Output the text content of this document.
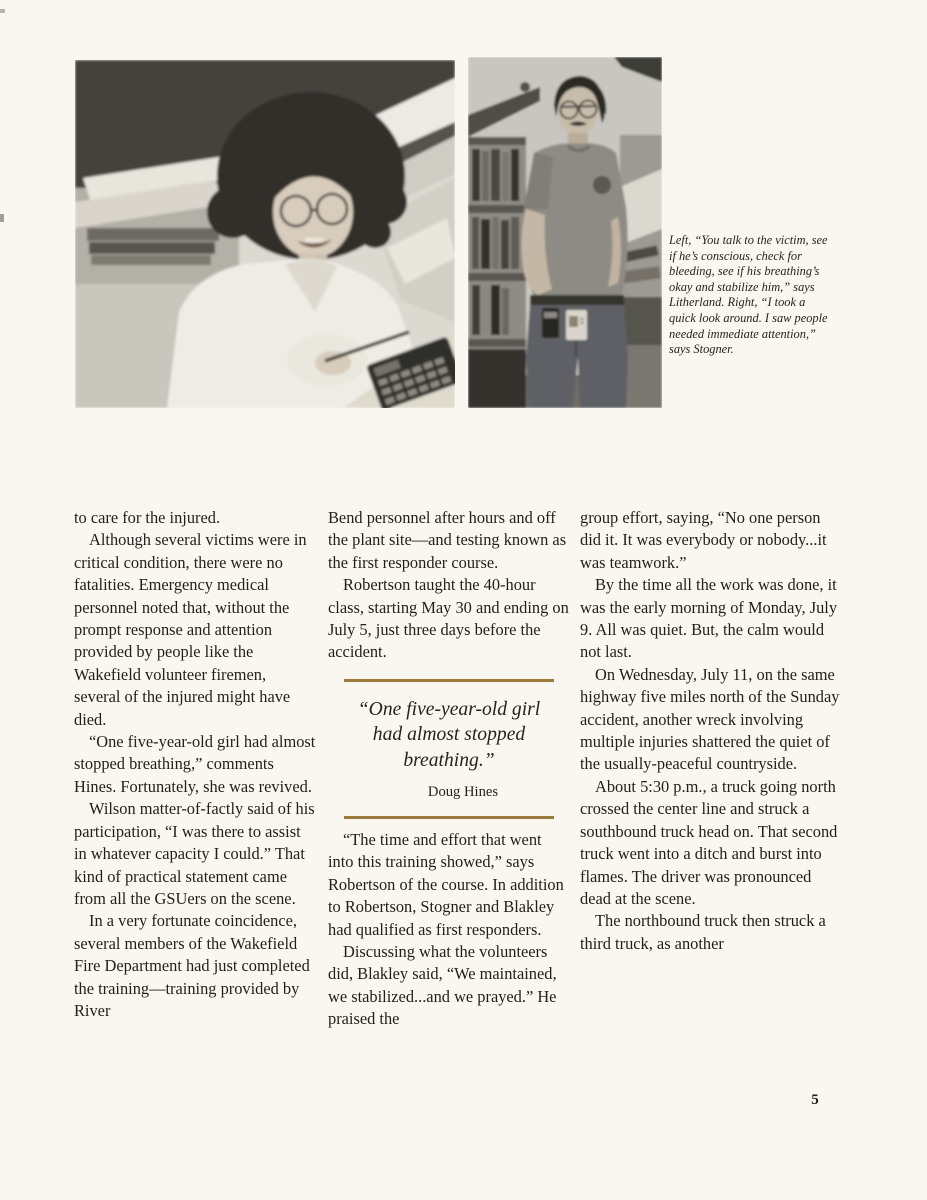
Left, “You talk to the victim, see if he’s conscious, check for bleeding, see if his breathing’s okay and stabilize him,” says Litherland. Right, “I took a quick look around. I saw people needed immediate attention,” says Stogner.

to care for the injured.

Although several victims were in critical condition, there were no fatalities. Emergency medical personnel noted that, without the prompt response and attention provided by people like the Wakefield volunteer firemen, several of the injured might have died.

“One five-year-old girl had almost stopped breathing,” comments Hines. Fortunately, she was revived.

Wilson matter-of-factly said of his participation, “I was there to assist in whatever capacity I could.” That kind of practical statement came from all the GSUers on the scene.

In a very fortunate coincidence, several members of the Wakefield Fire Department had just completed the training—training provided by River

Bend personnel after hours and off the plant site—and testing known as the first responder course.

Robertson taught the 40-hour class, starting May 30 and ending on July 5, just three days before the accident.

“One five-year-old girl had almost stopped breathing.”
Doug Hines

“The time and effort that went into this training showed,” says Robertson of the course. In addition to Robertson, Stogner and Blakley had qualified as first responders.

Discussing what the volunteers did, Blakley said, “We maintained, we stabilized...and we prayed.” He praised the

group effort, saying, “No one person did it. It was everybody or nobody...it was teamwork.”

By the time all the work was done, it was the early morning of Monday, July 9. All was quiet. But, the calm would not last.

On Wednesday, July 11, on the same highway five miles north of the Sunday accident, another wreck involving multiple injuries shattered the quiet of the usually-peaceful countryside.

About 5:30 p.m., a truck going north crossed the center line and struck a southbound truck head on. That second truck went into a ditch and burst into flames. The driver was pronounced dead at the scene.

The northbound truck then struck a third truck, as another

5
